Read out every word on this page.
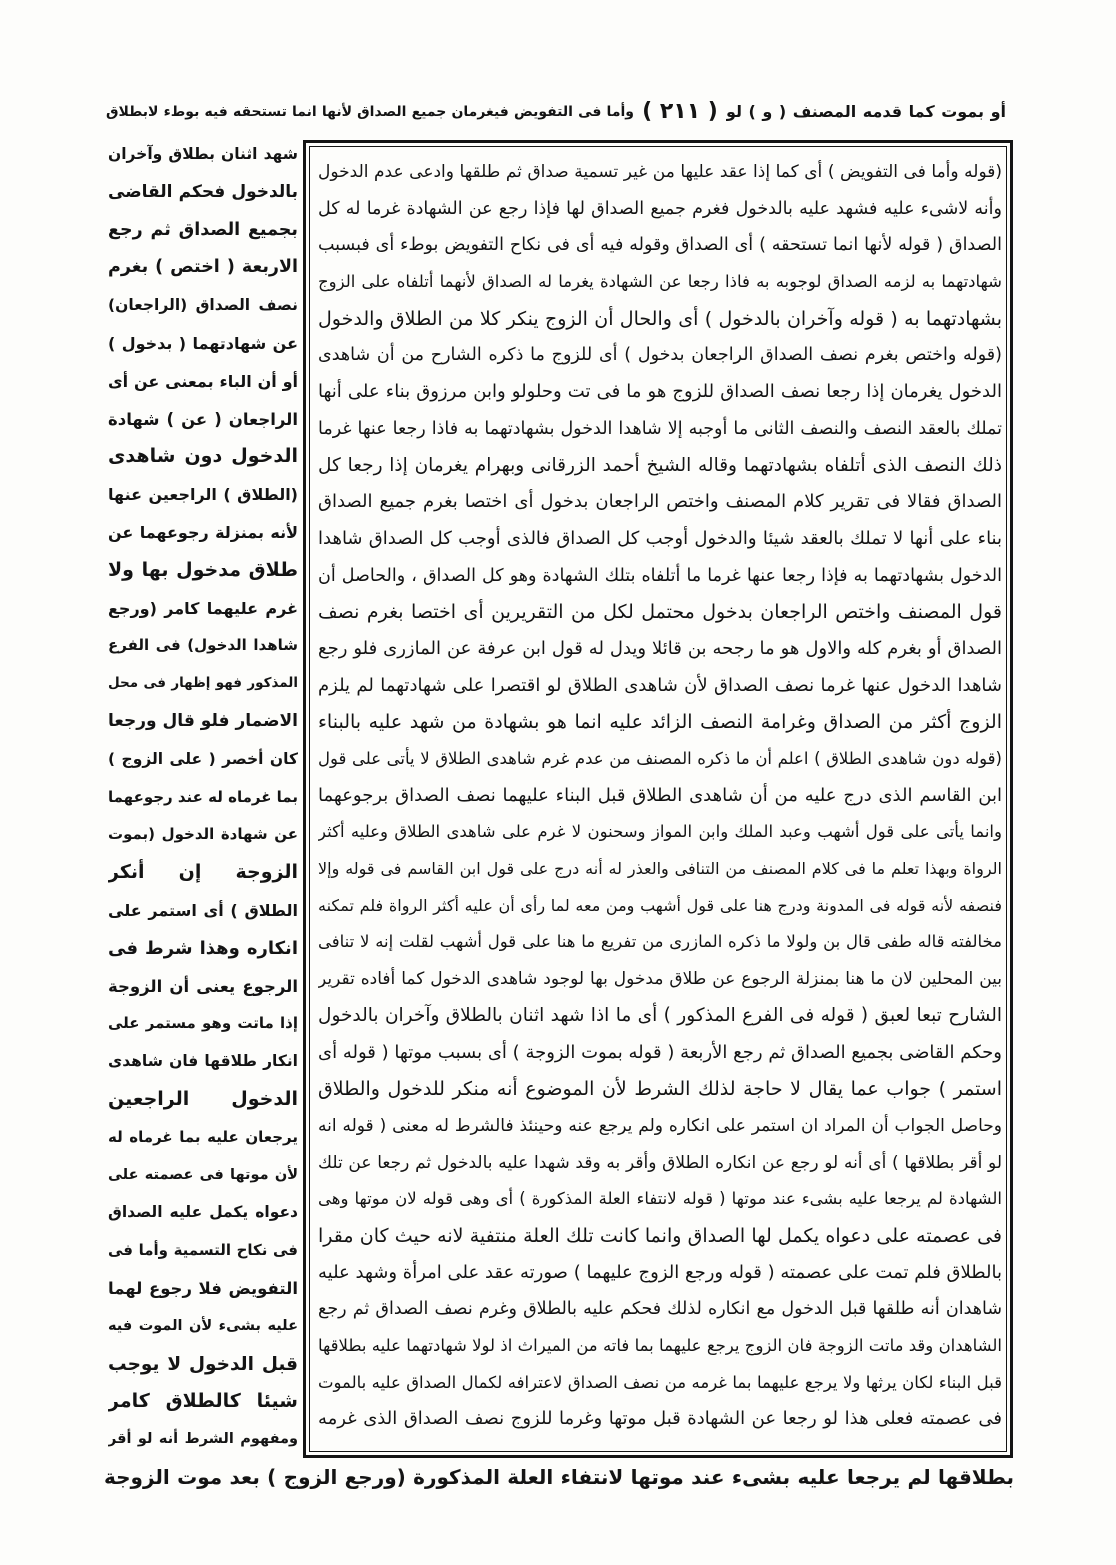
وأما فى التفويض فيغرمان جميع الصداق لأنها انما تستحقه فيه بوطء لابطلاق ( ٢١١ ) أو بموت كما قدمه المصنف ( و ) لو
(قوله وأما فى التفويض ) أى كما إذا عقد عليها من غير تسمية صداق ثم طلقها وادعى عدم الدخول
وأنه لاشىء عليه فشهد عليه بالدخول فغرم جميع الصداق لها فإذا رجع عن الشهادة غرما له كل
الصداق ( قوله لأنها انما تستحقه ) أى الصداق وقوله فيه أى فى نكاح التفويض بوطء أى فبسبب
شهادتهما به لزمه الصداق لوجوبه به فاذا رجعا عن الشهادة يغرما له الصداق لأنهما أتلفاه على الزوج
بشهادتهما به ( قوله وآخران بالدخول ) أى والحال أن الزوج ينكر كلا من الطلاق والدخول
(قوله واختص بغرم نصف الصداق الراجعان بدخول ) أى للزوج ما ذكره الشارح من أن شاهدى
الدخول يغرمان إذا رجعا نصف الصداق للزوج هو ما فى تت وحلولو وابن مرزوق بناء على أنها
تملك بالعقد النصف والنصف الثانى ما أوجبه إلا شاهدا الدخول بشهادتهما به فاذا رجعا عنها غرما
ذلك النصف الذى أتلفاه بشهادتهما وقاله الشيخ أحمد الزرقانى وبهرام يغرمان إذا رجعا كل
الصداق فقالا فى تقرير كلام المصنف واختص الراجعان بدخول أى اختصا بغرم جميع الصداق
بناء على أنها لا تملك بالعقد شيئا والدخول أوجب كل الصداق فالذى أوجب كل الصداق شاهدا
الدخول بشهادتهما به فإذا رجعا عنها غرما ما أتلفاه بتلك الشهادة وهو كل الصداق ، والحاصل أن
قول المصنف واختص الراجعان بدخول محتمل لكل من التقريرين أى اختصا بغرم نصف
الصداق أو بغرم كله والاول هو ما رجحه بن قائلا ويدل له قول ابن عرفة عن المازرى فلو رجع
شاهدا الدخول عنها غرما نصف الصداق لأن شاهدى الطلاق لو اقتصرا على شهادتهما لم يلزم
الزوج أكثر من الصداق وغرامة النصف الزائد عليه انما هو بشهادة من شهد عليه بالبناء
(قوله دون شاهدى الطلاق ) اعلم أن ما ذكره المصنف من عدم غرم شاهدى الطلاق لا يأتى على قول
ابن القاسم الذى درج عليه من أن شاهدى الطلاق قبل البناء عليهما نصف الصداق برجوعهما
وانما يأتى على قول أشهب وعبد الملك وابن المواز وسحنون لا غرم على شاهدى الطلاق وعليه أكثر
الرواة وبهذا تعلم ما فى كلام المصنف من التنافى والعذر له أنه درج على قول ابن القاسم فى قوله وإلا
فنصفه لأنه قوله فى المدونة ودرج هنا على قول أشهب ومن معه لما رأى أن عليه أكثر الرواة فلم تمكنه
مخالفته قاله طفى قال بن ولولا ما ذكره المازرى من تفريع ما هنا على قول أشهب لقلت إنه لا تنافى
بين المحلين لان ما هنا بمنزلة الرجوع عن طلاق مدخول بها لوجود شاهدى الدخول كما أفاده تقرير
الشارح تبعا لعبق ( قوله فى الفرع المذكور ) أى ما اذا شهد اثنان بالطلاق وآخران بالدخول
وحكم القاضى بجميع الصداق ثم رجع الأربعة ( قوله بموت الزوجة ) أى بسبب موتها ( قوله أى
استمر ) جواب عما يقال لا حاجة لذلك الشرط لأن الموضوع أنه منكر للدخول والطلاق
وحاصل الجواب أن المراد ان استمر على انكاره ولم يرجع عنه وحينئذ فالشرط له معنى ( قوله انه
لو أقر بطلاقها ) أى أنه لو رجع عن انكاره الطلاق وأقر به وقد شهدا عليه بالدخول ثم رجعا عن تلك
الشهادة لم يرجعا عليه بشىء عند موتها ( قوله لانتفاء العلة المذكورة ) أى وهى قوله لان موتها وهى
فى عصمته على دعواه يكمل لها الصداق وانما كانت تلك العلة منتفية لانه حيث كان مقرا
بالطلاق فلم تمت على عصمته ( قوله ورجع الزوج عليهما ) صورته عقد على امرأة وشهد عليه
شاهدان أنه طلقها قبل الدخول مع انكاره لذلك فحكم عليه بالطلاق وغرم نصف الصداق ثم رجع
الشاهدان وقد ماتت الزوجة فان الزوج يرجع عليهما بما فاته من الميراث اذ لولا شهادتهما عليه بطلاقها
قبل البناء لكان يرثها ولا يرجع عليهما بما غرمه من نصف الصداق لاعترافه لكمال الصداق عليه بالموت
فى عصمته فعلى هذا لو رجعا عن الشهادة قبل موتها وغرما للزوج نصف الصداق الذى غرمه
شهد اثنان بطلاق وآخران
بالدخول فحكم القاضى
بجميع الصداق ثم رجع
الاربعة ( اختص ) بغرم
نصف الصداق (الراجعان)
عن شهادتهما ( بدخول )
أو أن الباء بمعنى عن أى
الراجعان ( عن ) شهادة
الدخول دون شاهدى
(الطلاق ) الراجعين عنها
لأنه بمنزلة رجوعهما عن
طلاق مدخول بها ولا
غرم عليهما كامر (ورجع
شاهدا الدخول) فى الفرع
المذكور فهو إظهار فى محل
الاضمار فلو قال ورجعا
كان أخصر ( على الزوج )
بما غرماه له عند رجوعهما
عن شهادة الدخول (بموت
الزوجة إن أنكر
الطلاق ) أى استمر على
انكاره وهذا شرط فى
الرجوع يعنى أن الزوجة
إذا ماتت وهو مستمر على
انكار طلاقها فان شاهدى
الدخول الراجعين
يرجعان عليه بما غرماه له
لأن موتها فى عصمته على
دعواه يكمل عليه الصداق
فى نكاح التسمية وأما فى
التفويض فلا رجوع لهما
عليه بشىء لأن الموت فيه
قبل الدخول لا يوجب
شيئا كالطلاق كامر
ومفهوم الشرط أنه لو أقر
بطلاقها لم يرجعا عليه بشىء عند موتها لانتفاء العلة المذكورة (ورجع الزوج ) بعد موت الزوجة
